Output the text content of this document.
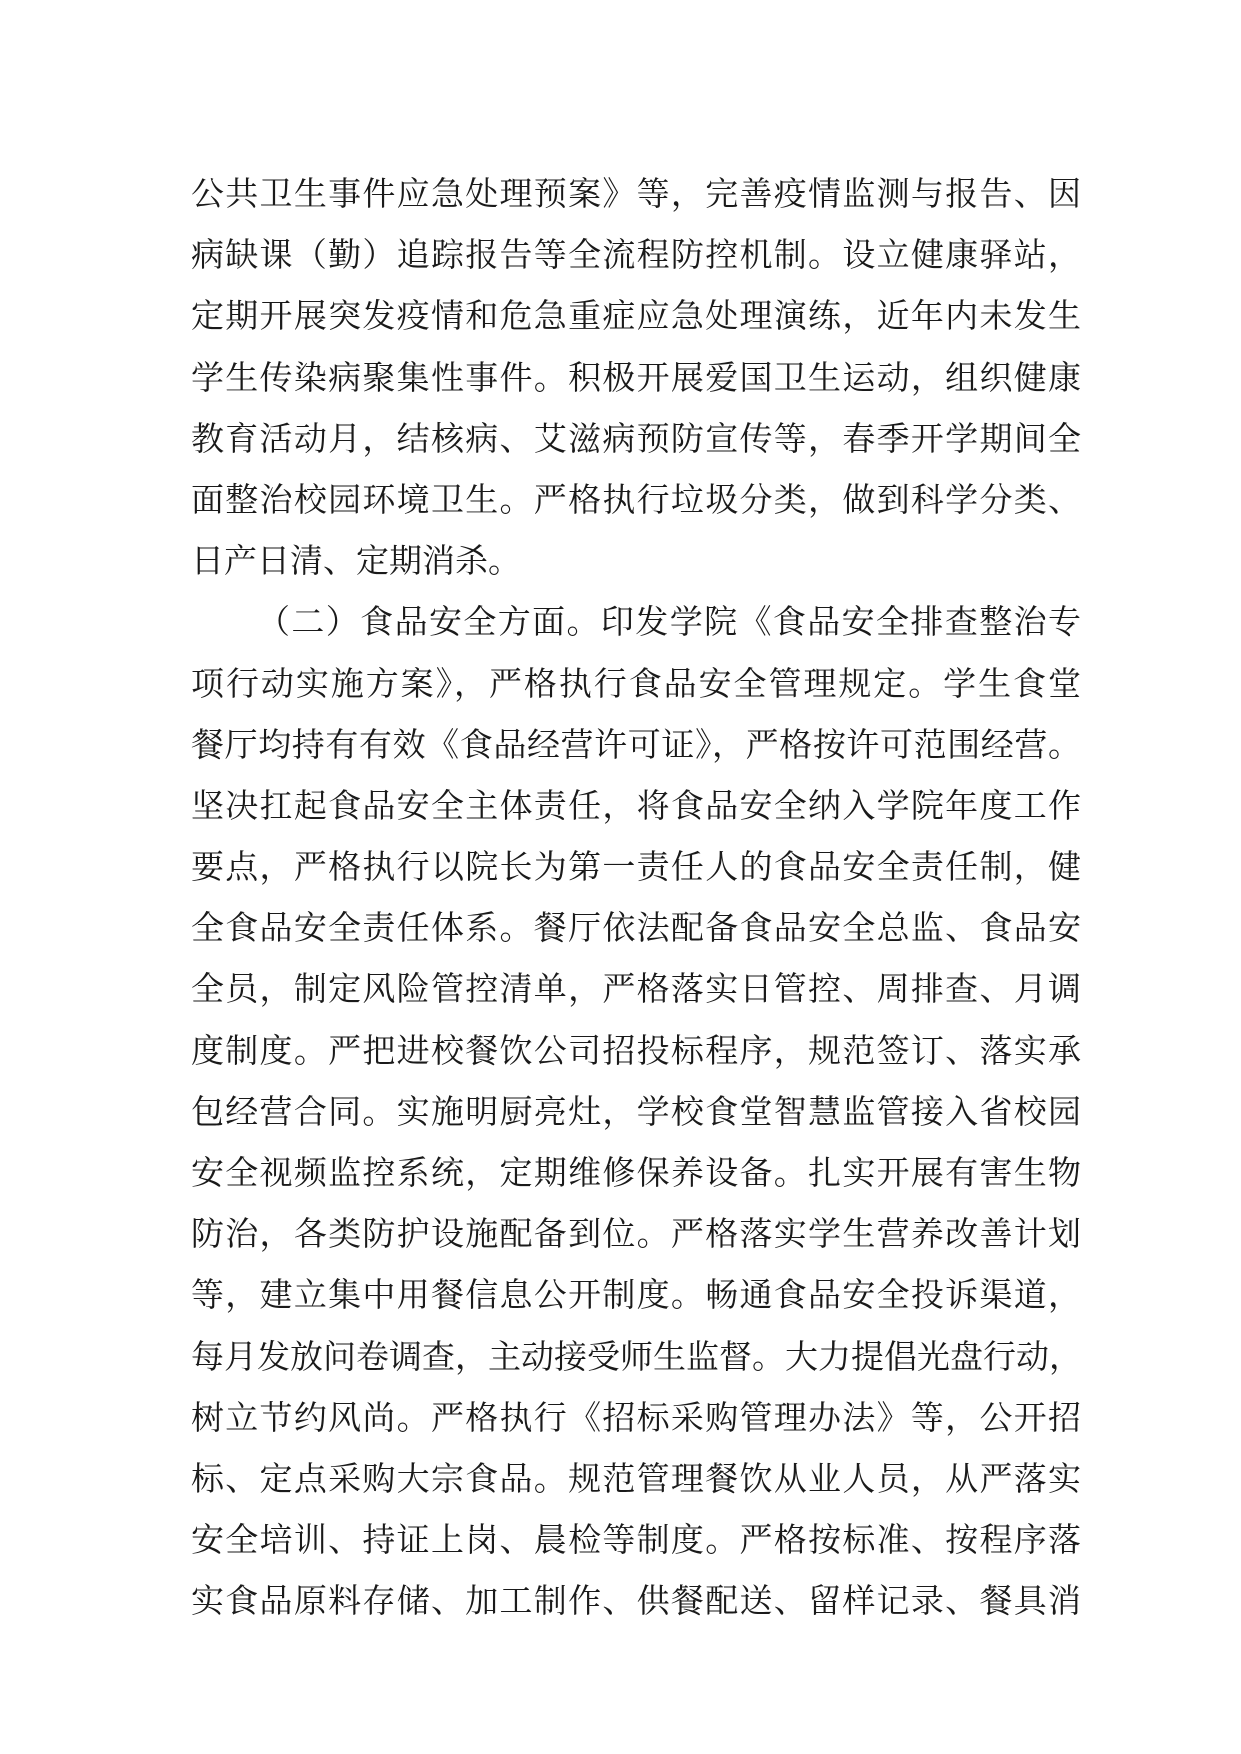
公共卫生事件应急处理预案》等，完善疫情监测与报告、因
病缺课（勤）追踪报告等全流程防控机制。设立健康驿站，
定期开展突发疫情和危急重症应急处理演练，近年内未发生
学生传染病聚集性事件。积极开展爱国卫生运动，组织健康
教育活动月，结核病、艾滋病预防宣传等，春季开学期间全
面整治校园环境卫生。严格执行垃圾分类，做到科学分类、
日产日清、定期消杀。
（二）食品安全方面。印发学院《食品安全排查整治专
项行动实施方案》，严格执行食品安全管理规定。学生食堂
餐厅均持有有效《食品经营许可证》，严格按许可范围经营。
坚决扛起食品安全主体责任，将食品安全纳入学院年度工作
要点，严格执行以院长为第一责任人的食品安全责任制，健
全食品安全责任体系。餐厅依法配备食品安全总监、食品安
全员，制定风险管控清单，严格落实日管控、周排查、月调
度制度。严把进校餐饮公司招投标程序，规范签订、落实承
包经营合同。实施明厨亮灶，学校食堂智慧监管接入省校园
安全视频监控系统，定期维修保养设备。扎实开展有害生物
防治，各类防护设施配备到位。严格落实学生营养改善计划
等，建立集中用餐信息公开制度。畅通食品安全投诉渠道，
每月发放问卷调查，主动接受师生监督。大力提倡光盘行动，
树立节约风尚。严格执行《招标采购管理办法》等，公开招
标、定点采购大宗食品。规范管理餐饮从业人员，从严落实
安全培训、持证上岗、晨检等制度。严格按标准、按程序落
实食品原料存储、加工制作、供餐配送、留样记录、餐具消
